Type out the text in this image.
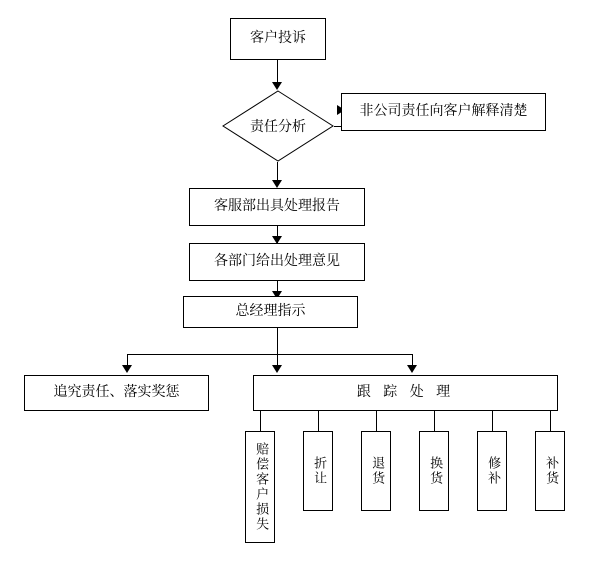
客户投诉
责任分析
非公司责任向客户解释清楚
客服部出具处理报告
各部门给出处理意见
总经理指示
追究责任、落实奖惩	跟 踪 处 理
赔偿客户损失	折让	退货	换货	修补	补货
